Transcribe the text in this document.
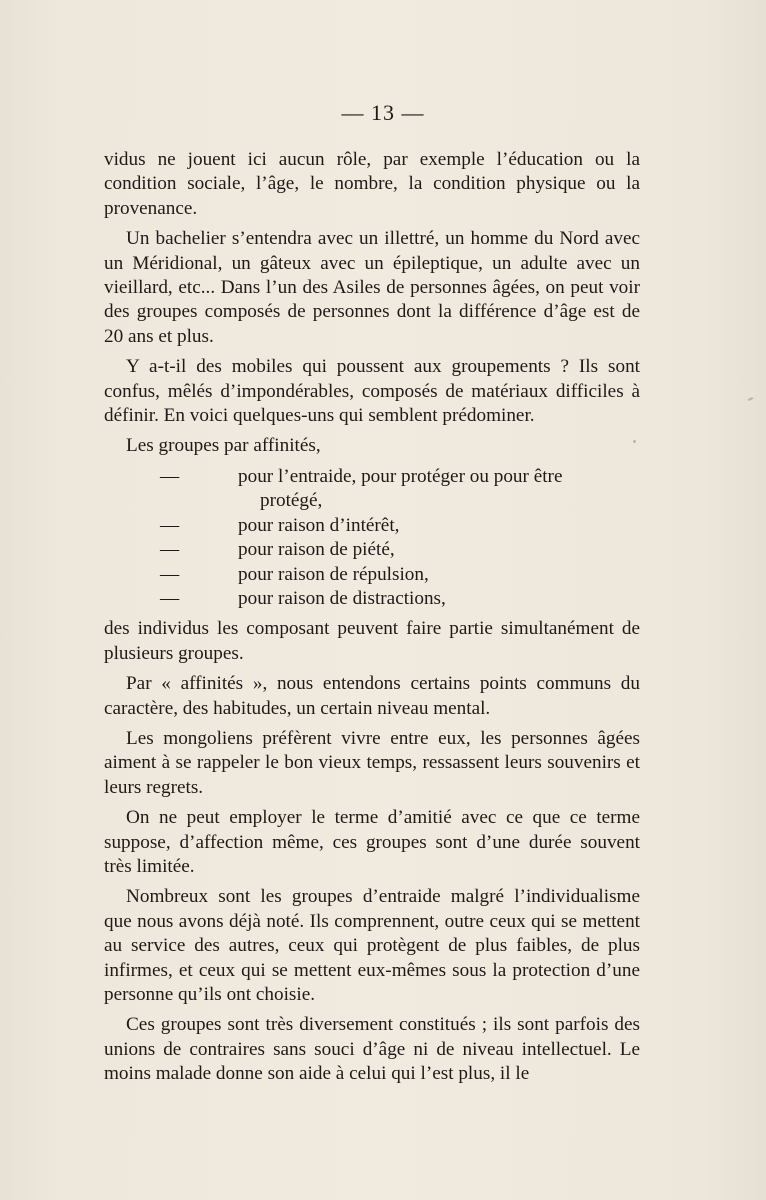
— 13 —

vidus ne jouent ici aucun rôle, par exemple l’éducation ou la condition sociale, l’âge, le nombre, la condition physique ou la provenance.

Un bachelier s’entendra avec un illettré, un homme du Nord avec un Méridional, un gâteux avec un épileptique, un adulte avec un vieillard, etc... Dans l’un des Asiles de personnes âgées, on peut voir des groupes composés de personnes dont la différence d’âge est de 20 ans et plus.

Y a-t-il des mobiles qui poussent aux groupements ? Ils sont confus, mêlés d’impondérables, composés de matériaux difficiles à définir. En voici quelques-uns qui semblent prédominer.

Les groupes par affinités,

—	pour l’entraide, pour protéger ou pour être
protégé,
—	pour raison d’intérêt,
—	pour raison de piété,
—	pour raison de répulsion,
—	pour raison de distractions,

des individus les composant peuvent faire partie simultanément de plusieurs groupes.

Par « affinités », nous entendons certains points communs du caractère, des habitudes, un certain niveau mental.

Les mongoliens préfèrent vivre entre eux, les personnes âgées aiment à se rappeler le bon vieux temps, ressassent leurs souvenirs et leurs regrets.

On ne peut employer le terme d’amitié avec ce que ce terme suppose, d’affection même, ces groupes sont d’une durée souvent très limitée.

Nombreux sont les groupes d’entraide malgré l’individualisme que nous avons déjà noté. Ils comprennent, outre ceux qui se mettent au service des autres, ceux qui protègent de plus faibles, de plus infirmes, et ceux qui se mettent eux-mêmes sous la protection d’une personne qu’ils ont choisie.

Ces groupes sont très diversement constitués ; ils sont parfois des unions de contraires sans souci d’âge ni de niveau intellectuel. Le moins malade donne son aide à celui qui l’est plus, il le
